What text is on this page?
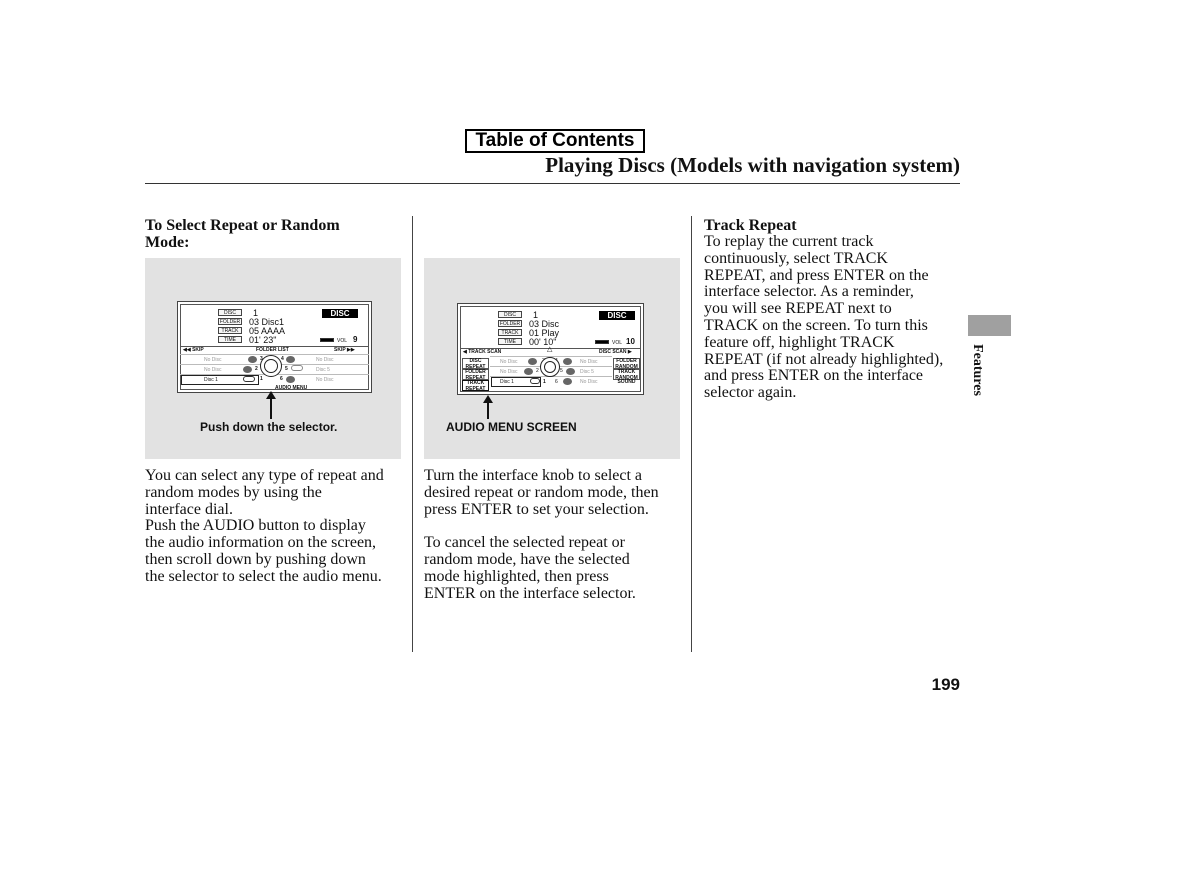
Table of Contents
Playing Discs (Models with navigation system)
To Select Repeat or Random
Mode:
DISC
FOLDER
TRACK
TIME
1
03 Disc1
05 AAAA
01' 23"
DISC
VOL 9
◀◀ SKIP	FOLDER LIST	SKIP ▶▶
No Disc	4	No Disc
No Disc	2	5	Disc 5
Disc 1	1	6	No Disc
AUDIO MENU
Push down the selector.
You can select any type of repeat and
random modes by using the
interface dial.
Push the AUDIO button to display
the audio information on the screen,
then scroll down by pushing down
the selector to select the audio menu.
DISC
FOLDER
TRACK
TIME
1
03 Disc
01 Play
00' 10"
DISC
VOL 10
◀ TRACK SCAN	△	DISC SCAN ▶
DISC REPEAT
FOLDER REPEAT
TRACK REPEAT
FOLDER RANDOM
TRACK RANDOM
SOUND
No Disc	No Disc
No Disc	2	5	Disc 5
Disc 1	1 6	No Disc
AUDIO MENU SCREEN
Turn the interface knob to select a
desired repeat or random mode, then
press ENTER to set your selection.
To cancel the selected repeat or
random mode, have the selected
mode highlighted, then press
ENTER on the interface selector.
Track Repeat
To replay the current track
continuously, select TRACK
REPEAT, and press ENTER on the
interface selector. As a reminder,
you will see REPEAT next to
TRACK on the screen. To turn this
feature off, highlight TRACK
REPEAT (if not already highlighted),
and press ENTER on the interface
selector again.	Features
199
